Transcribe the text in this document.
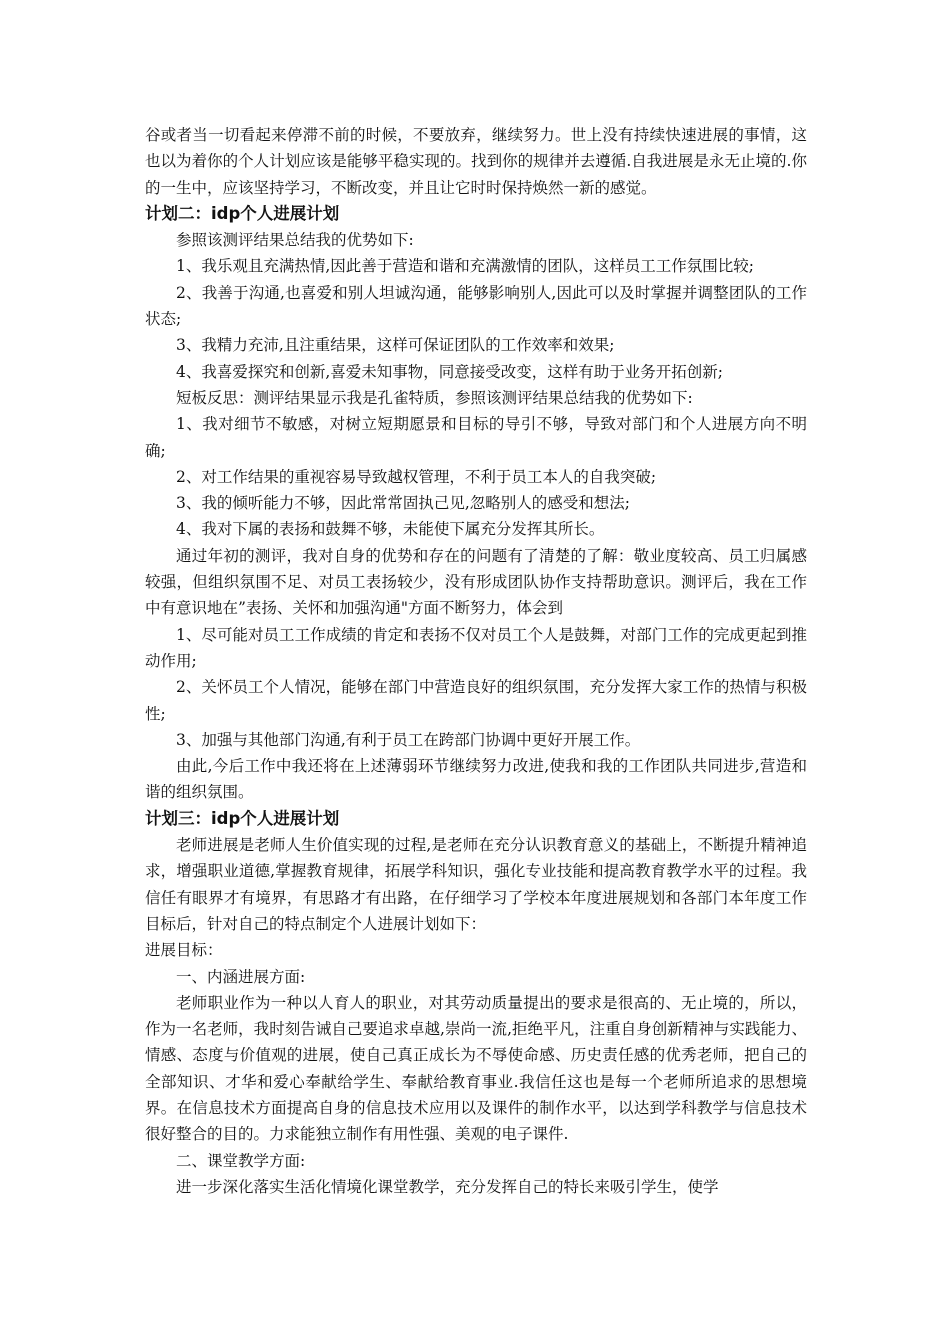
谷或者当一切看起来停滞不前的时候，不要放弃，继续努力。世上没有持续快速进展的事情，这也以为着你的个人计划应该是能够平稳实现的。找到你的规律并去遵循.自我进展是永无止境的.你的一生中，应该坚持学习，不断改变，并且让它时时保持焕然一新的感觉。

计划二：idp个人进展计划

参照该测评结果总结我的优势如下:

1、我乐观且充满热情,因此善于营造和谐和充满激情的团队，这样员工工作氛围比较;

2、我善于沟通,也喜爱和别人坦诚沟通，能够影响别人,因此可以及时掌握并调整团队的工作状态;

3、我精力充沛,且注重结果，这样可保证团队的工作效率和效果;

4、我喜爱探究和创新,喜爱未知事物，同意接受改变，这样有助于业务开拓创新;

短板反思：测评结果显示我是孔雀特质，参照该测评结果总结我的优势如下:

1、我对细节不敏感，对树立短期愿景和目标的导引不够，导致对部门和个人进展方向不明确;

2、对工作结果的重视容易导致越权管理，不利于员工本人的自我突破;

3、我的倾听能力不够，因此常常固执己见,忽略别人的感受和想法;

4、我对下属的表扬和鼓舞不够，未能使下属充分发挥其所长。

通过年初的测评，我对自身的优势和存在的问题有了清楚的了解：敬业度较高、员工归属感较强，但组织氛围不足、对员工表扬较少，没有形成团队协作支持帮助意识。测评后，我在工作中有意识地在”表扬、关怀和加强沟通"方面不断努力，体会到

1、尽可能对员工工作成绩的肯定和表扬不仅对员工个人是鼓舞，对部门工作的完成更起到推动作用;

2、关怀员工个人情况，能够在部门中营造良好的组织氛围，充分发挥大家工作的热情与积极性;

3、加强与其他部门沟通,有利于员工在跨部门协调中更好开展工作。

由此,今后工作中我还将在上述薄弱环节继续努力改进,使我和我的工作团队共同进步,营造和谐的组织氛围。

计划三：idp个人进展计划

老师进展是老师人生价值实现的过程,是老师在充分认识教育意义的基础上，不断提升精神追求，增强职业道德,掌握教育规律，拓展学科知识，强化专业技能和提高教育教学水平的过程。我信任有眼界才有境界，有思路才有出路，在仔细学习了学校本年度进展规划和各部门本年度工作目标后，针对自己的特点制定个人进展计划如下：

进展目标：

一、内涵进展方面:

老师职业作为一种以人育人的职业，对其劳动质量提出的要求是很高的、无止境的，所以，作为一名老师，我时刻告诫自己要追求卓越,崇尚一流,拒绝平凡，注重自身创新精神与实践能力、情感、态度与价值观的进展，使自己真正成长为不辱使命感、历史责任感的优秀老师，把自己的全部知识、才华和爱心奉献给学生、奉献给教育事业.我信任这也是每一个老师所追求的思想境界。在信息技术方面提高自身的信息技术应用以及课件的制作水平，以达到学科教学与信息技术很好整合的目的。力求能独立制作有用性强、美观的电子课件.

二、课堂教学方面:

进一步深化落实生活化情境化课堂教学，充分发挥自己的特长来吸引学生，使学
